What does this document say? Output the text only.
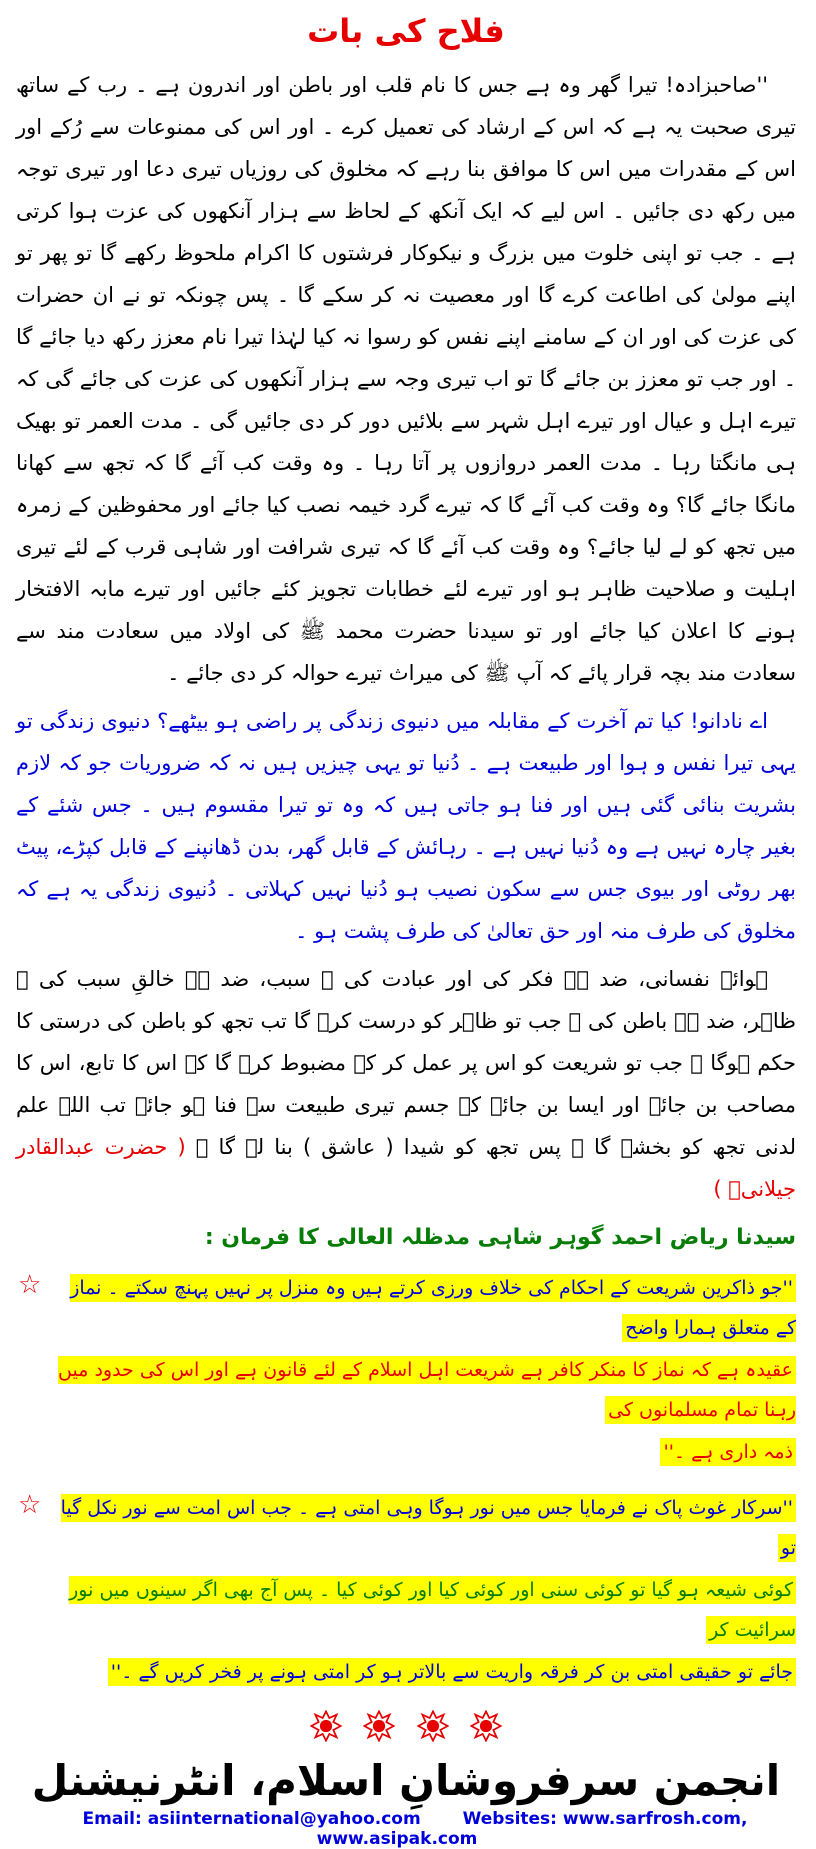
فلاح کی بات

''صاحبزادہ! تیرا گھر وہ ہے جس کا نام قلب اور باطن اور اندرون ہے ۔ رب کے ساتھ تیری صحبت یہ ہے کہ اس کے ارشاد کی تعمیل کرے ۔ اور اس کی ممنوعات سے رُکے اور اس کے مقدرات میں اس کا موافق بنا رہے کہ مخلوق کی روزیاں تیری دعا اور تیری توجہ میں رکھ دی جائیں ۔ اس لیے کہ ایک آنکھ کے لحاظ سے ہزار آنکھوں کی عزت ہوا کرتی ہے ۔ جب تو اپنی خلوت میں بزرگ و نیکوکار فرشتوں کا اکرام ملحوظ رکھے گا تو پھر تو اپنے مولیٰ کی اطاعت کرے گا اور معصیت نہ کر سکے گا ۔ پس چونکہ تو نے ان حضرات کی عزت کی اور ان کے سامنے اپنے نفس کو رسوا نہ کیا لہٰذا تیرا نام معزز رکھ دیا جائے گا ۔ اور جب تو معزز بن جائے گا تو اب تیری وجہ سے ہزار آنکھوں کی عزت کی جائے گی کہ تیرے اہل و عیال اور تیرے اہل شہر سے بلائیں دور کر دی جائیں گی ۔ مدت العمر تو بھیک ہی مانگتا رہا ۔ مدت العمر دروازوں پر آتا رہا ۔ وہ وقت کب آئے گا کہ تجھ سے کھانا مانگا جائے گا؟ وہ وقت کب آئے گا کہ تیرے گرد خیمہ نصب کیا جائے اور محفوظین کے زمرہ میں تجھ کو لے لیا جائے؟ وہ وقت کب آئے گا کہ تیری شرافت اور شاہی قرب کے لئے تیری اہلیت و صلاحیت ظاہر ہو اور تیرے لئے خطابات تجویز کئے جائیں اور تیرے مابہ الافتخار ہونے کا اعلان کیا جائے اور تو سیدنا حضرت محمد ﷺ کی اولاد میں سعادت مند سے سعادت مند بچہ قرار پائے کہ آپ ﷺ کی میراث تیرے حوالہ کر دی جائے ۔

اے نادانو! کیا تم آخرت کے مقابلہ میں دنیوی زندگی پر راضی ہو بیٹھے؟ دنیوی زندگی تو یہی تیرا نفس و ہوا اور طبیعت ہے ۔ دُنیا تو یہی چیزیں ہیں نہ کہ ضروریات جو کہ لازم بشریت بنائی گئی ہیں اور فنا ہو جاتی ہیں کہ وہ تو تیرا مقسوم ہیں ۔ جس شئے کے بغیر چارہ نہیں ہے وہ دُنیا نہیں ہے ۔ رہائش کے قابل گھر، بدن ڈھانپنے کے قابل کپڑے، پیٹ بھر روٹی اور بیوی جس سے سکون نصیب ہو دُنیا نہیں کہلاتی ۔ دُنیوی زندگی یہ ہے کہ مخلوق کی طرف منہ اور حق تعالیٰ کی طرف پشت ہو ۔

ہوائے نفسانی، ضد ہے فکر کی اور عبادت کی ۔ سبب، ضد ہے خالقِ سبب کی ۔ ظاہر، ضد ہے باطن کی ۔ جب تو ظاہر کو درست کرے گا تب تجھ کو باطن کی درستی کا حکم ہوگا ۔ جب تو شریعت کو اس پر عمل کر کے مضبوط کرے گا کہ اس کا تابع، اس کا مصاحب بن جائے اور ایسا بن جائے کہ جسم تیری طبیعت سے فنا ہو جائے تب اللہ علم لدنی تجھ کو بخشے گا ۔ پس تجھ کو شیدا ( عاشق ) بنا لے گا ۔ ( حضرت عبدالقادر جیلانیؒ )

سیدنا ریاض احمد گوہر شاہی مدظلہ العالی کا فرمان :
☆	''جو ذاکرین شریعت کے احکام کی خلاف ورزی کرتے ہیں وہ منزل پر نہیں پہنچ سکتے ۔ نماز کے متعلق ہمارا واضح
عقیدہ ہے کہ نماز کا منکر کافر ہے شریعت اہل اسلام کے لئے قانون ہے اور اس کی حدود میں رہنا تمام مسلمانوں کی
ذمہ داری ہے ۔''
☆ ''سرکار غوث پاک نے فرمایا جس میں نور ہوگا وہی امتی ہے ۔ جب اس امت سے نور نکل گیا تو
کوئی شیعہ ہو گیا تو کوئی سنی اور کوئی کیا اور کوئی کیا ۔ پس آج بھی اگر سینوں میں نور سرائیت کر
جائے تو حقیقی امتی بن کر فرقہ واریت سے بالاتر ہو کر امتی ہونے پر فخر کریں گے ۔''

انجمن سرفروشانِ اسلام، انٹرنیشنل
Email: asiinternational@yahoo.com Websites: www.sarfrosh.com, www.asipak.com
